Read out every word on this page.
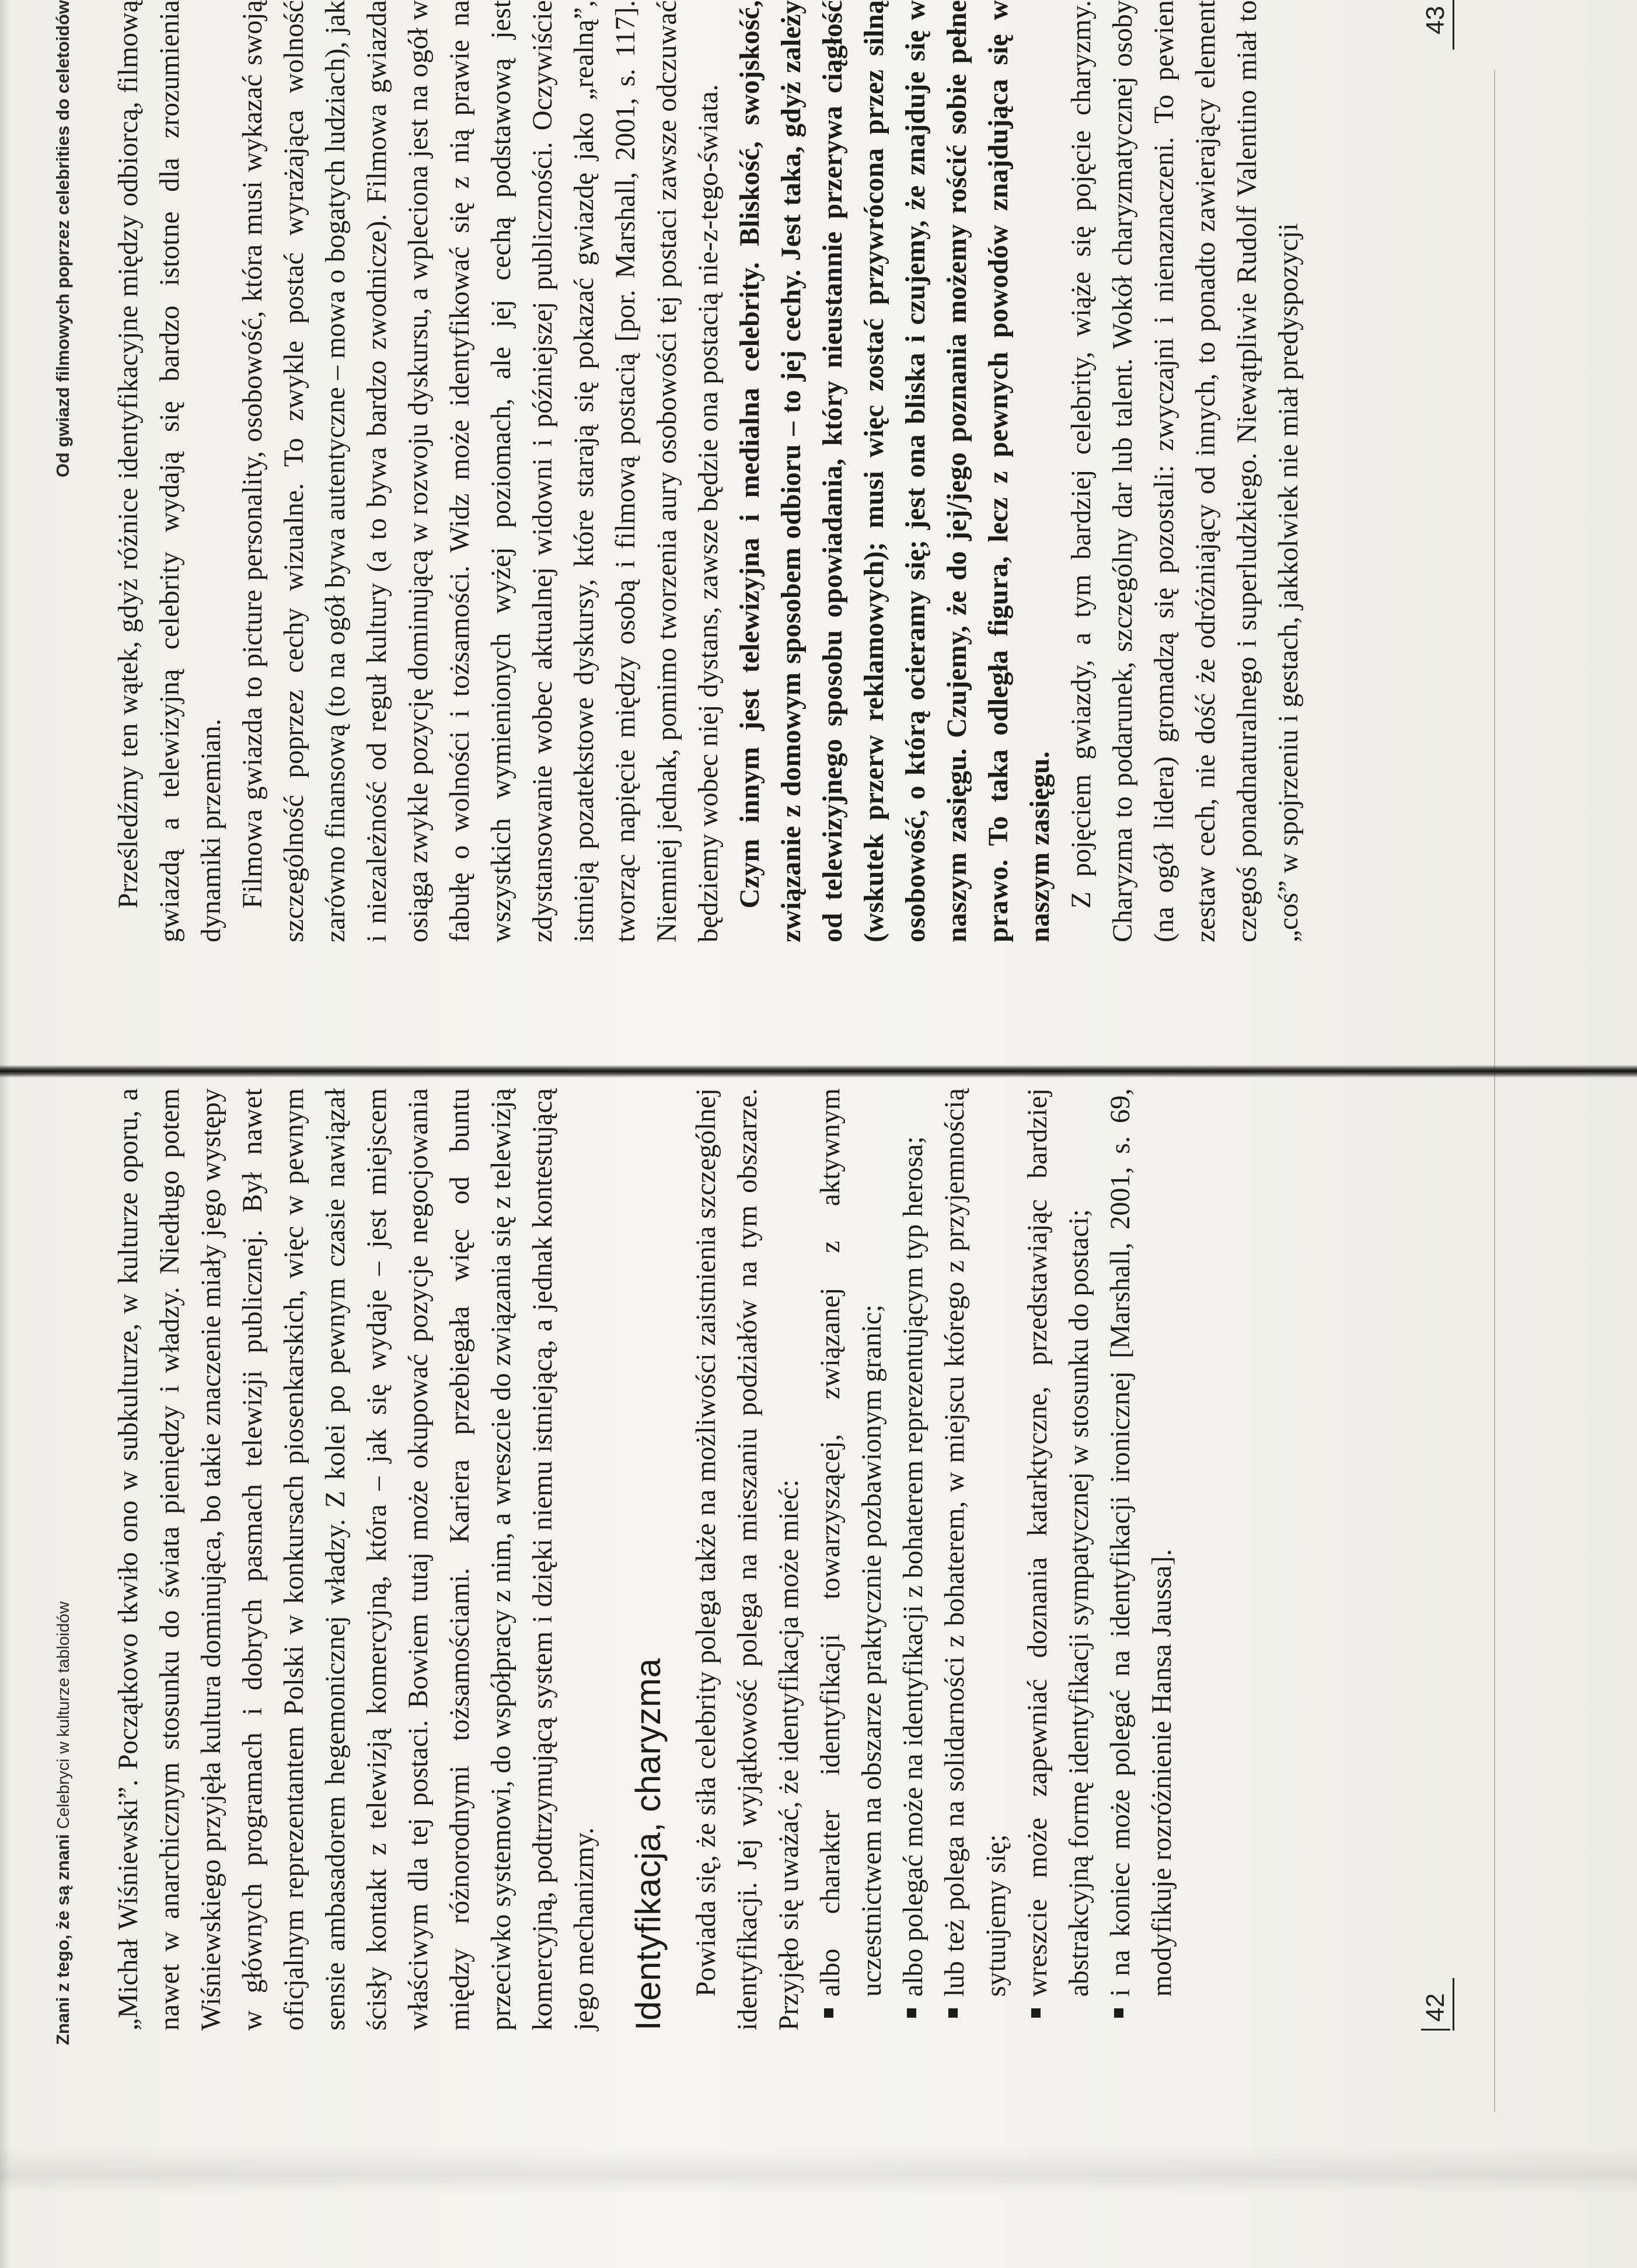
Znani z tego, że są znani Celebryci w kulturze tabloidów „Michał Wiśniewski”. Początkowo tkwiło ono w subkulturze, w kulturze oporu, a nawet w anarchicznym stosunku do świata pieniędzy i władzy. Niedługo potem Wiśniewskiego przyjęła kultura dominująca, bo takie znaczenie miały jego występy w głównych programach i dobrych pasmach telewizji publicznej. Był nawet oficjalnym reprezentantem Polski w konkursach piosenkarskich, więc w pewnym sensie ambasadorem hegemonicznej władzy. Z kolei po pewnym czasie nawiązał ścisły kontakt z telewizją komercyjną, która – jak się wydaje – jest miejscem właściwym dla tej postaci. Bowiem tutaj może okupować pozycje negocjowania między różnorodnymi tożsamościami. Kariera przebiegała więc od buntu przeciwko systemowi, do współpracy z nim, a wreszcie do związania się z telewizją komercyjną, podtrzymującą system i dzięki niemu istniejącą, a jednak kontestującą jego mechanizmy. Identyfikacja, charyzma Powiada się, że siła celebrity polega także na możliwości zaistnienia szczególnej identyfikacji. Jej wyjątkowość polega na mieszaniu podziałów na tym obszarze. Przyjęło się uważać, że identyfikacja może mieć: albo charakter identyfikacji towarzyszącej, związanej z aktywnym uczestnictwem na obszarze praktycznie pozbawionym granic; albo polegać może na identyfikacji z bohaterem reprezentującym typ herosa; lub też polega na solidarności z bohaterem, w miejscu którego z przyjemnością sytuujemy się; wreszcie może zapewniać doznania katarktyczne, przedstawiając bardziej abstrakcyjną formę identyfikacji sympatycznej w stosunku do postaci; i na koniec może polegać na identyfikacji ironicznej [Marshall, 2001, s. 69, modyfikuje rozróżnienie Hansa Jaussa].
42
Od gwiazd filmowych poprzez celebrities do celetoidów Prześledźmy ten wątek, gdyż różnice identyfikacyjne między odbiorcą, filmową gwiazdą a telewizyjną celebrity wydają się bardzo istotne dla zrozumienia dynamiki przemian. Filmowa gwiazda to picture personality, osobowość, która musi wykazać swoją szczególność poprzez cechy wizualne. To zwykle postać wyrażająca wolność zarówno finansową (to na ogół bywa autentyczne – mowa o bogatych ludziach), jak i niezależność od reguł kultury (a to bywa bardzo zwodnicze). Filmowa gwiazda osiąga zwykle pozycję dominującą w rozwoju dyskursu, a wpleciona jest na ogół w fabułę o wolności i tożsamości. Widz może identyfikować się z nią prawie na wszystkich wymienionych wyżej poziomach, ale jej cechą podstawową jest zdystansowanie wobec aktualnej widowni i późniejszej publiczności. Oczywiście istnieją pozatekstowe dyskursy, które starają się pokazać gwiazdę jako „realną”, tworząc napięcie między osobą i filmową postacią [por. Marshall, 2001, s. 117]. Niemniej jednak, pomimo tworzenia aury osobowości tej postaci zawsze odczuwać będziemy wobec niej dystans, zawsze będzie ona postacią nie-z-tego-świata. Czym innym jest telewizyjna i medialna celebrity. Bliskość, swojskość, związanie z domowym sposobem odbioru – to jej cechy. Jest taka, gdyż zależy od telewizyjnego sposobu opowiadania, który nieustannie przerywa ciągłość (wskutek przerw reklamowych); musi więc zostać przywrócona przez silną osobowość, o którą ocieramy się; jest ona bliska i czujemy, że znajduje się w naszym zasięgu. Czujemy, że do jej/jego poznania możemy rościć sobie pełne prawo. To taka odległa figura, lecz z pewnych powodów znajdująca się w naszym zasięgu. Z pojęciem gwiazdy, a tym bardziej celebrity, wiąże się pojęcie charyzmy. Charyzma to podarunek, szczególny dar lub talent. Wokół charyzmatycznej osoby (na ogół lidera) gromadzą się pozostali: zwyczajni i nienaznaczeni. To pewien zestaw cech, nie dość że odróżniający od innych, to ponadto zawierający element czegoś ponadnaturalnego i superludzkiego. Niewątpliwie Rudolf Valentino miał to „coś” w spojrzeniu i gestach, jakkolwiek nie miał predyspozycji

43
